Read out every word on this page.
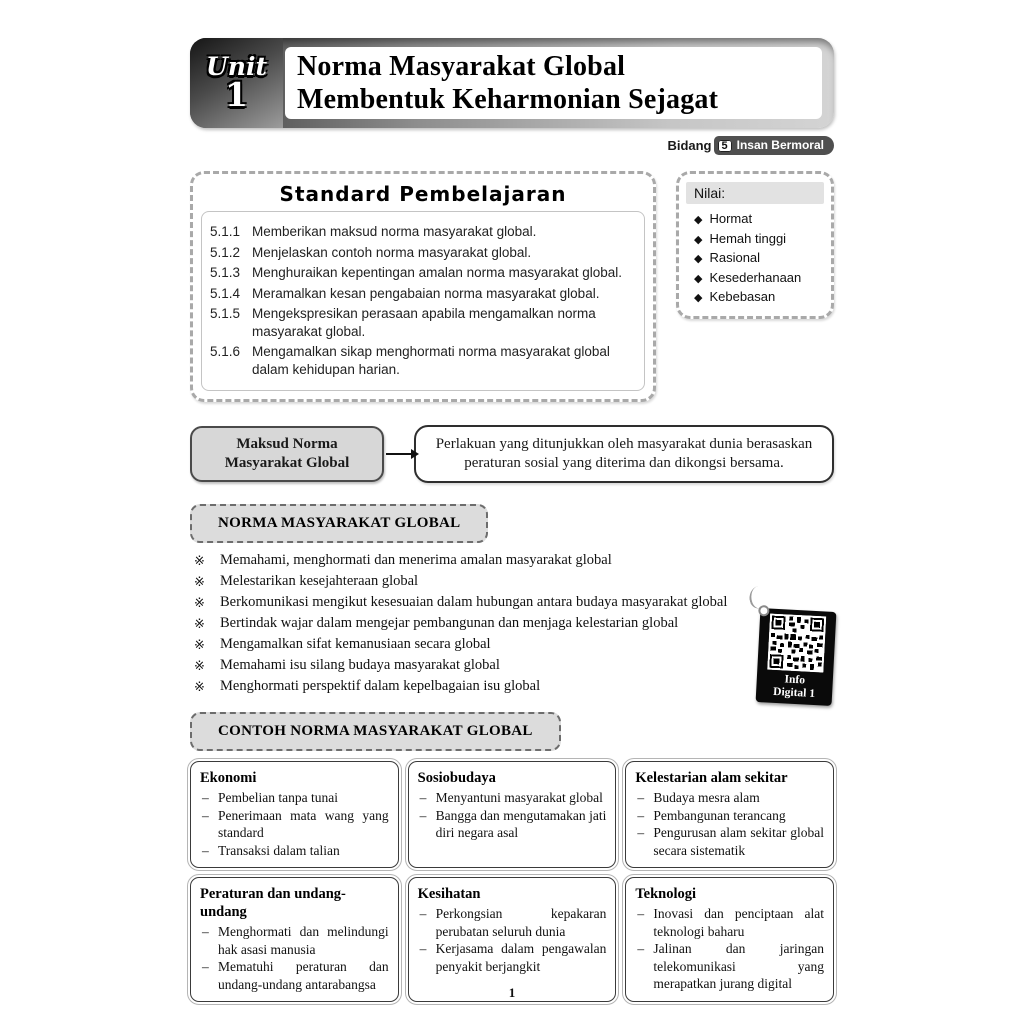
Unit
1
Norma Masyarakat Global
Membentuk Keharmonian Sejagat
Bidang 5 Insan Bermoral
Standard Pembelajaran
5.1.1 Memberikan maksud norma masyarakat global.
5.1.2 Menjelaskan contoh norma masyarakat global.
5.1.3 Menghuraikan kepentingan amalan norma masyarakat global.
5.1.4 Meramalkan kesan pengabaian norma masyarakat global.
5.1.5 Mengekspresikan perasaan apabila mengamalkan norma masyarakat global.
5.1.6 Mengamalkan sikap menghormati norma masyarakat global dalam kehidupan harian.
Nilai:
◆ Hormat
◆ Hemah tinggi
◆ Rasional
◆ Kesederhanaan
◆ Kebebasan
Maksud Norma Masyarakat Global
Perlakuan yang ditunjukkan oleh masyarakat dunia berasaskan peraturan sosial yang diterima dan dikongsi bersama.
NORMA MASYARAKAT GLOBAL
※	Memahami, menghormati dan menerima amalan masyarakat global
※	Melestarikan kesejahteraan global
※	Berkomunikasi mengikut kesesuaian dalam hubungan antara budaya masyarakat global
※	Bertindak wajar dalam mengejar pembangunan dan menjaga kelestarian global
※	Mengamalkan sifat kemanusiaan secara global
※	Memahami isu silang budaya masyarakat global
※	Menghormati perspektif dalam kepelbagaian isu global
CONTOH NORMA MASYARAKAT GLOBAL
Ekonomi
– Pembelian tanpa tunai
– Penerimaan mata wang yang standard
– Transaksi dalam talian
Sosiobudaya
– Menyantuni masyarakat global
– Bangga dan mengutamakan jati diri negara asal
Kelestarian alam sekitar
– Budaya mesra alam
– Pembangunan terancang
– Pengurusan alam sekitar global secara sistematik
Peraturan dan undang-undang
– Menghormati dan melindungi hak asasi manusia
– Mematuhi peraturan dan undang-undang antarabangsa
Kesihatan
– Perkongsian kepakaran perubatan seluruh dunia
– Kerjasama dalam pengawalan penyakit berjangkit
Teknologi
– Inovasi dan penciptaan alat teknologi baharu
– Jalinan dan jaringan telekomunikasi yang merapatkan jurang digital
Info
Digital 1
1
